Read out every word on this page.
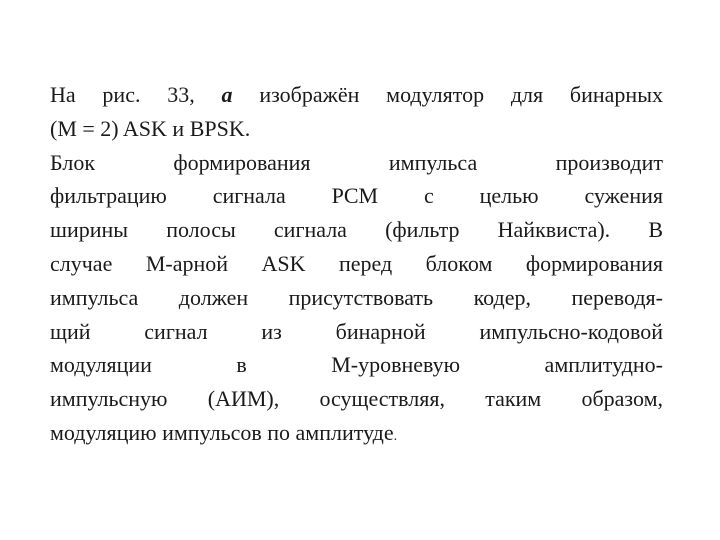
На рис. 33, а изображён модулятор для бинарных
(M = 2) ASK и BPSK.
Блок формирования импульса производит
фильтрацию сигнала PCM с целью сужения
ширины полосы сигнала (фильтр Найквиста). В
случае M-арной ASK перед блоком формирования
импульса должен присутствовать кодер, переводя-
щий сигнал из бинарной импульсно-кодовой
модуляции в M-уровневую амплитудно-
импульсную (АИМ), осуществляя, таким образом,
модуляцию импульсов по амплитуде.
